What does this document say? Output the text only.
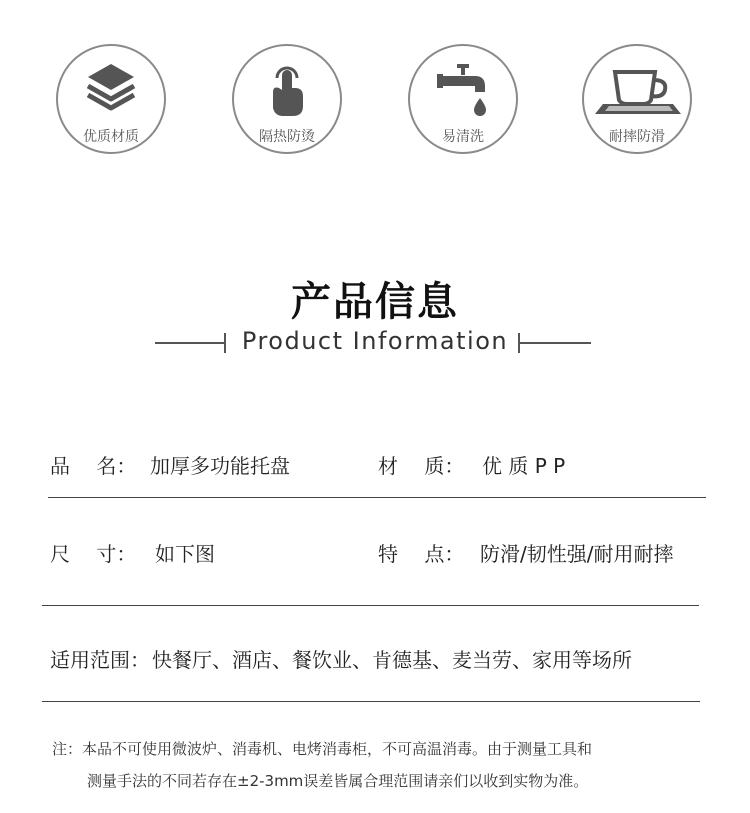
优质材质	隔热防烫	易清洗	耐摔防滑
产品信息
Product Information
品　 名： 加厚多功能托盘	材　 质： 优 质 P P
尺　 寸： 如下图	特　 点： 防滑/韧性强/耐用耐摔
适用范围： 快餐厅、酒店、餐饮业、肯德基、麦当劳、家用等场所
注：本品不可使用微波炉、消毒机、电烤消毒柜，不可高温消毒。由于测量工具和
测量手法的不同若存在±2-3mm误差皆属合理范围请亲们以收到实物为准。
